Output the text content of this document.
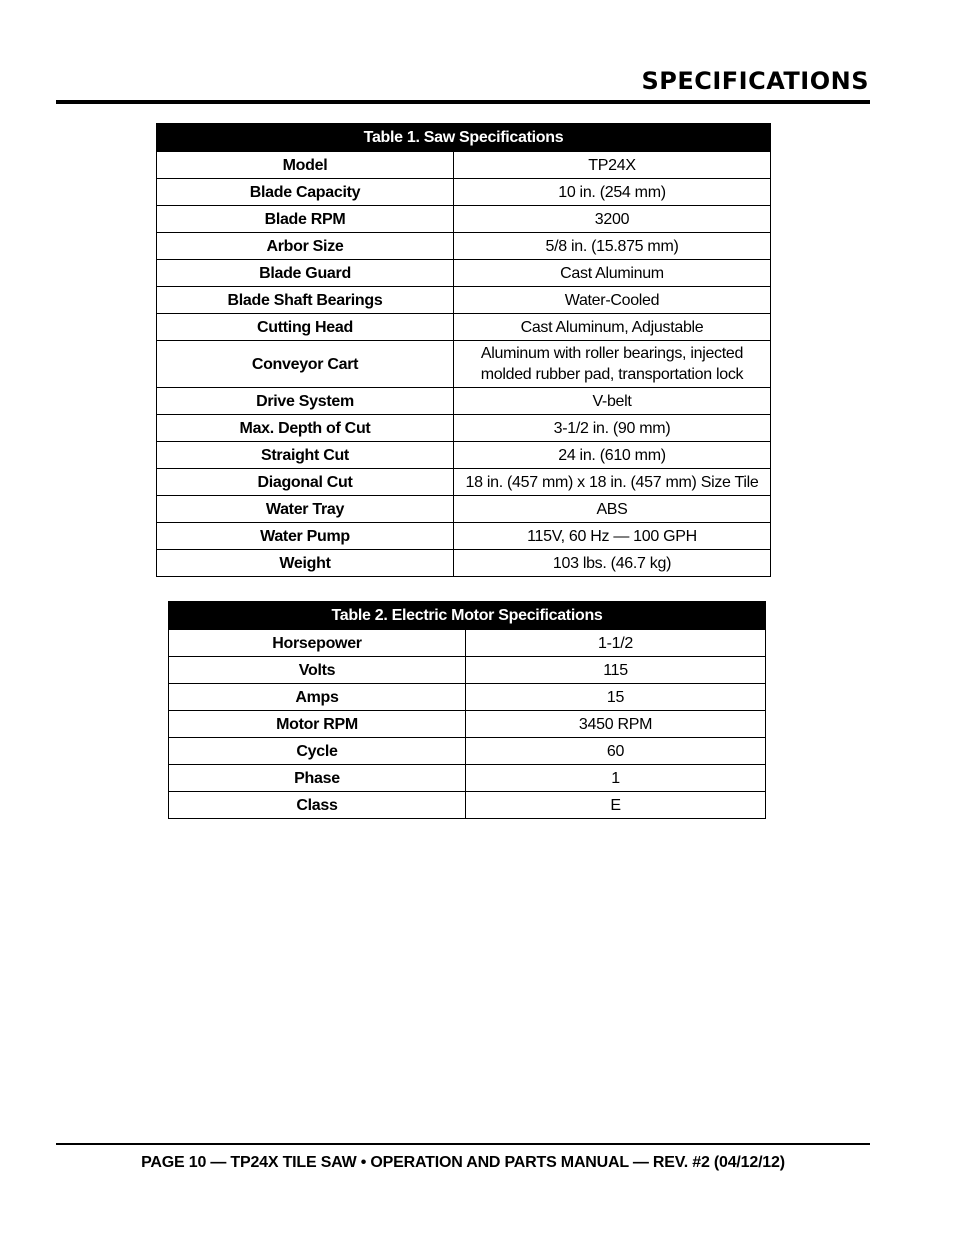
SPECIFICATIONS
Table 1. Saw Specifications	
Model	TP24X
Blade Capacity	10 in. (254 mm)
Blade RPM	3200
Arbor Size	5/8 in. (15.875 mm)
Blade Guard	Cast Aluminum
Blade Shaft Bearings	Water-Cooled
Cutting Head	Cast Aluminum, Adjustable
Conveyor Cart	Aluminum with roller bearings, injected
molded rubber pad, transportation lock

Drive System	V-belt
Max. Depth of Cut	3-1/2 in. (90 mm)
Straight Cut	24 in. (610 mm)
Diagonal Cut	18 in. (457 mm) x 18 in. (457 mm) Size Tile
Water Tray	ABS
Water Pump	115V, 60 Hz — 100 GPH
Weight	103 lbs. (46.7 kg)
Table 2. Electric Motor Specifications	
Horsepower	1-1/2
Volts	115
Amps	15
Motor RPM	3450 RPM
Cycle	60
Phase	1
Class	E
PAGE 10 — TP24X TILE SAW • OPERATION AND PARTS MANUAL — REV. #2 (04/12/12)
